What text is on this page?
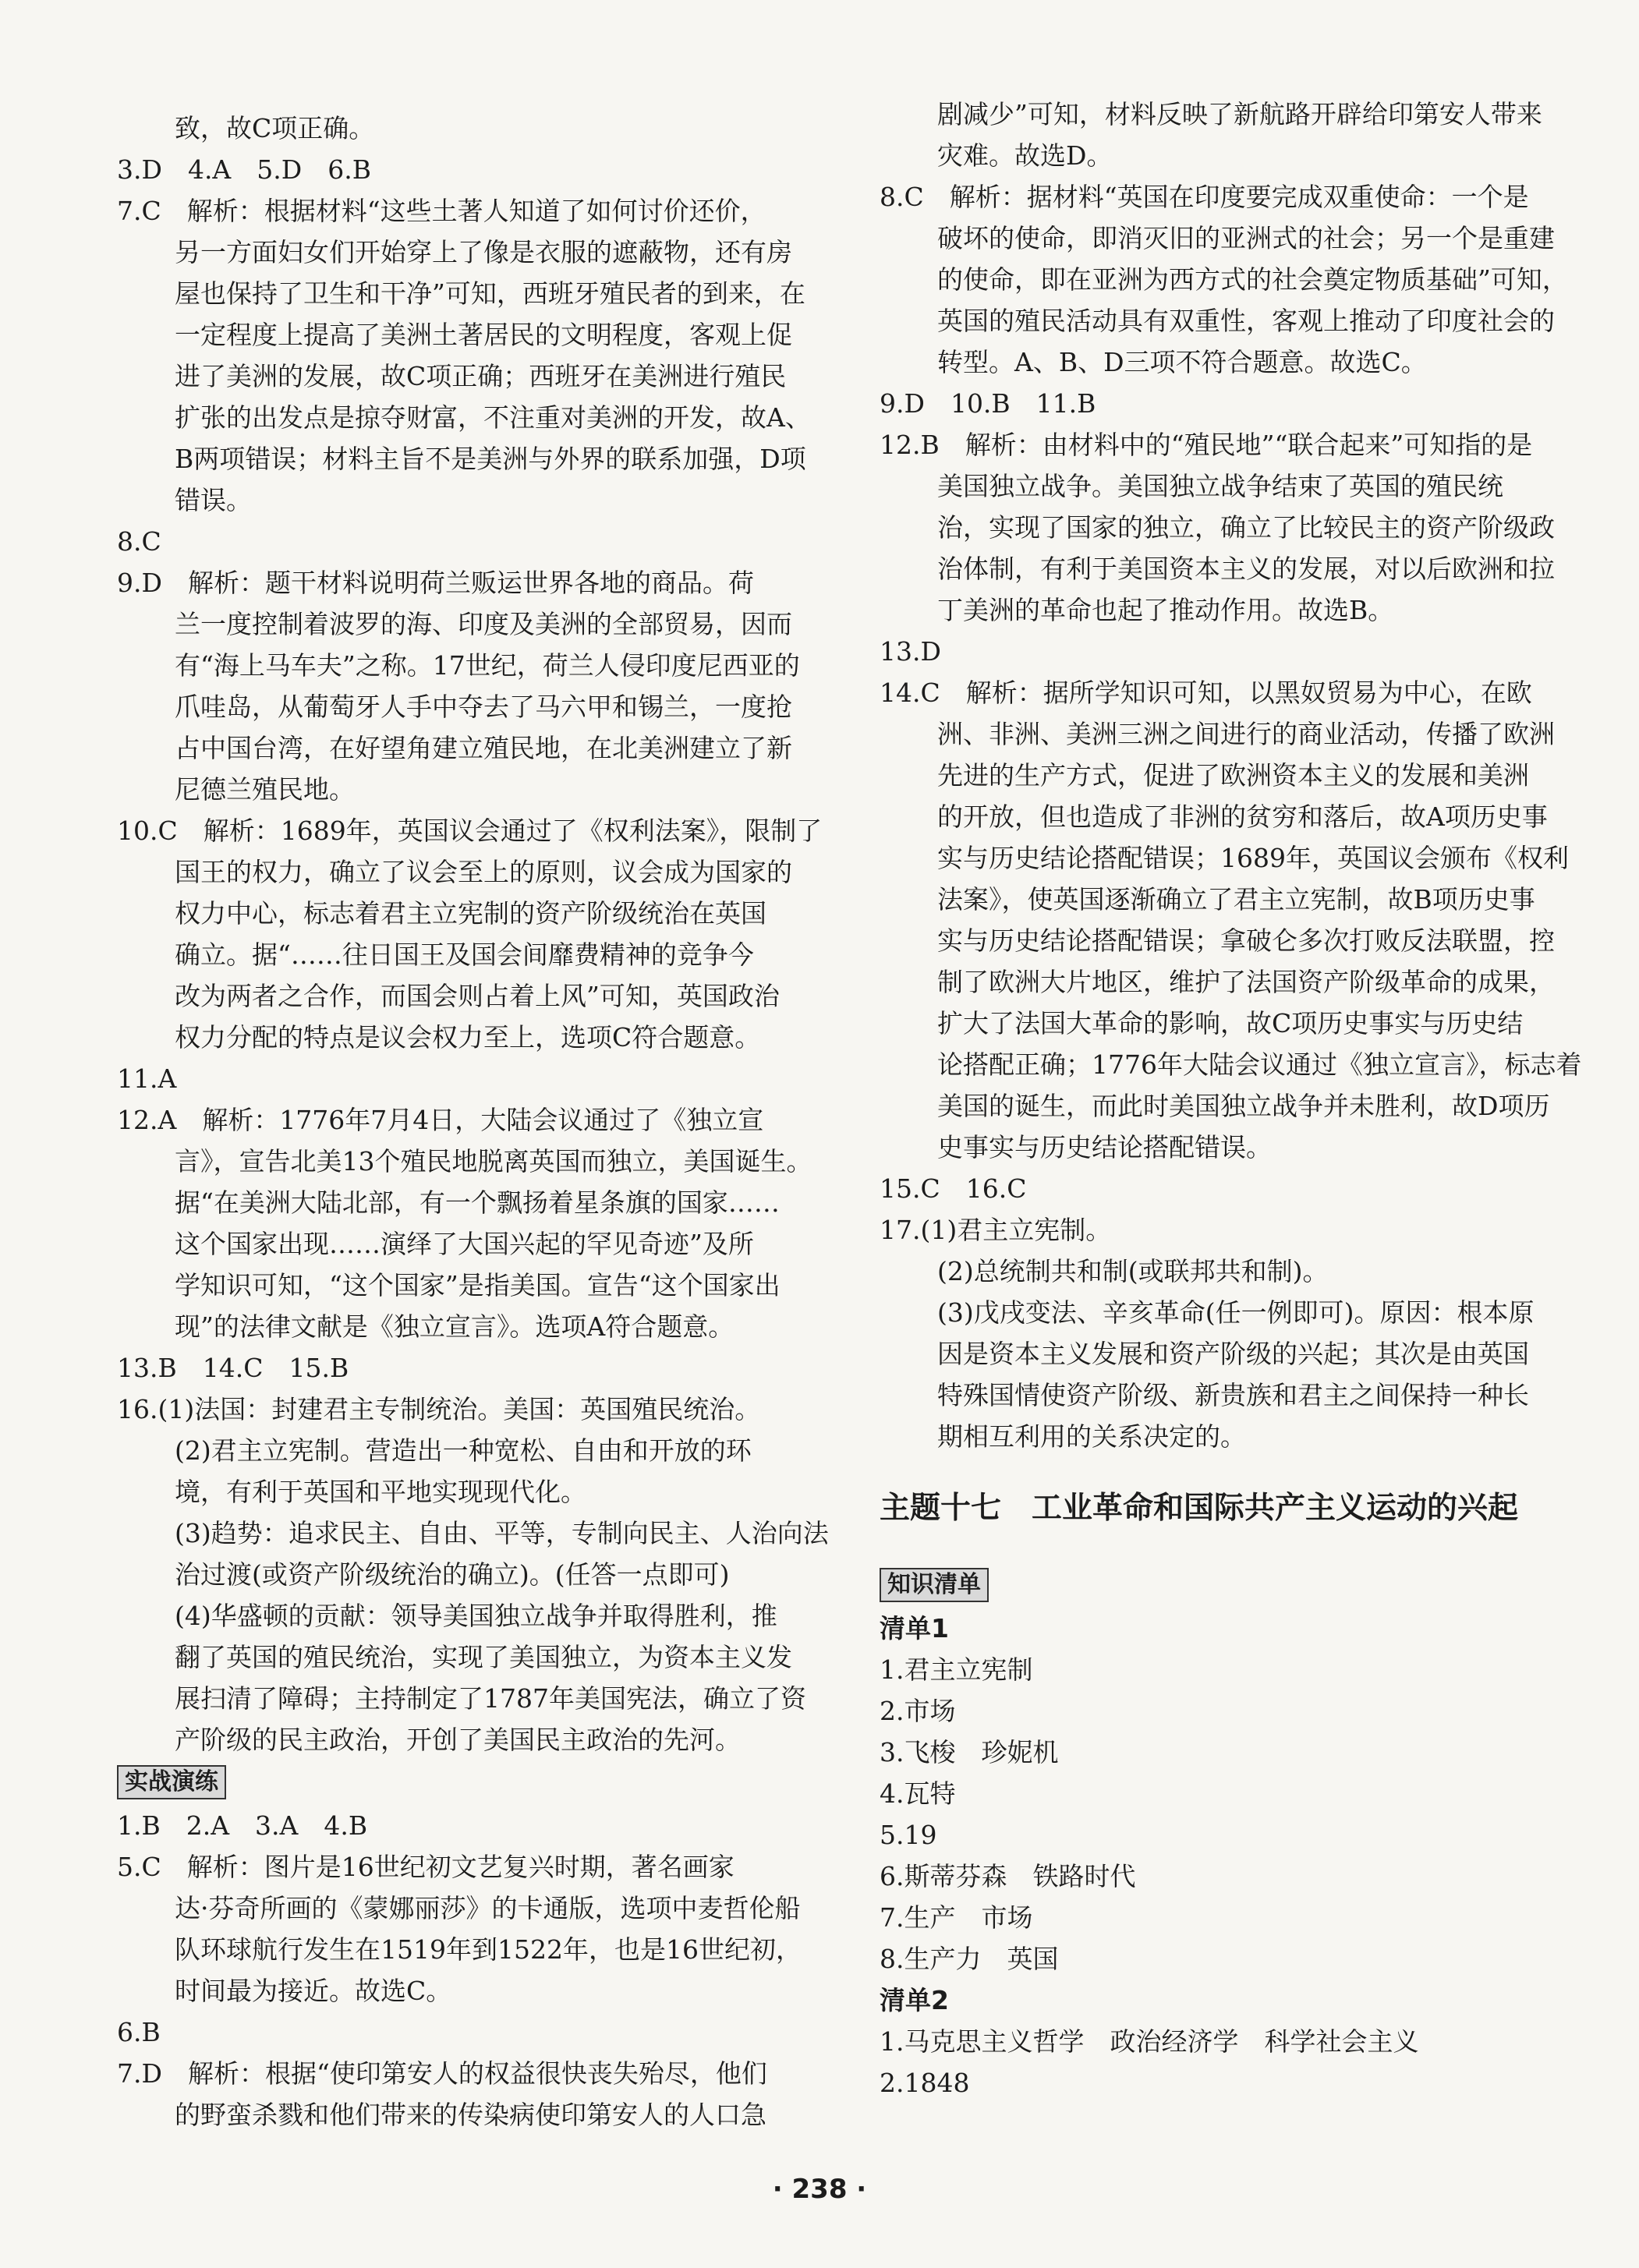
致，故C项正确。
3.D　4.A　5.D　6.B
7.C　解析：根据材料“这些土著人知道了如何讨价还价，
另一方面妇女们开始穿上了像是衣服的遮蔽物，还有房
屋也保持了卫生和干净”可知，西班牙殖民者的到来，在
一定程度上提高了美洲土著居民的文明程度，客观上促
进了美洲的发展，故C项正确；西班牙在美洲进行殖民
扩张的出发点是掠夺财富，不注重对美洲的开发，故A、
B两项错误；材料主旨不是美洲与外界的联系加强，D项
错误。
8.C
9.D　解析：题干材料说明荷兰贩运世界各地的商品。荷
兰一度控制着波罗的海、印度及美洲的全部贸易，因而
有“海上马车夫”之称。17世纪，荷兰人侵印度尼西亚的
爪哇岛，从葡萄牙人手中夺去了马六甲和锡兰，一度抢
占中国台湾，在好望角建立殖民地，在北美洲建立了新
尼德兰殖民地。
10.C　解析：1689年，英国议会通过了《权利法案》，限制了
国王的权力，确立了议会至上的原则，议会成为国家的
权力中心，标志着君主立宪制的资产阶级统治在英国
确立。据“……往日国王及国会间靡费精神的竞争今
改为两者之合作，而国会则占着上风”可知，英国政治
权力分配的特点是议会权力至上，选项C符合题意。
11.A
12.A　解析：1776年7月4日，大陆会议通过了《独立宣
言》，宣告北美13个殖民地脱离英国而独立，美国诞生。
据“在美洲大陆北部，有一个飘扬着星条旗的国家……
这个国家出现……演绎了大国兴起的罕见奇迹”及所
学知识可知，“这个国家”是指美国。宣告“这个国家出
现”的法律文献是《独立宣言》。选项A符合题意。
13.B　14.C　15.B
16.(1)法国：封建君主专制统治。美国：英国殖民统治。
(2)君主立宪制。营造出一种宽松、自由和开放的环
境，有利于英国和平地实现现代化。
(3)趋势：追求民主、自由、平等，专制向民主、人治向法
治过渡(或资产阶级统治的确立)。(任答一点即可)
(4)华盛顿的贡献：领导美国独立战争并取得胜利，推
翻了英国的殖民统治，实现了美国独立，为资本主义发
展扫清了障碍；主持制定了1787年美国宪法，确立了资
产阶级的民主政治，开创了美国民主政治的先河。
实战演练
1.B　2.A　3.A　4.B
5.C　解析：图片是16世纪初文艺复兴时期，著名画家
达·芬奇所画的《蒙娜丽莎》的卡通版，选项中麦哲伦船
队环球航行发生在1519年到1522年，也是16世纪初，
时间最为接近。故选C。
6.B
7.D　解析：根据“使印第安人的权益很快丧失殆尽，他们
的野蛮杀戮和他们带来的传染病使印第安人的人口急
剧减少”可知，材料反映了新航路开辟给印第安人带来
灾难。故选D。
8.C　解析：据材料“英国在印度要完成双重使命：一个是
破坏的使命，即消灭旧的亚洲式的社会；另一个是重建
的使命，即在亚洲为西方式的社会奠定物质基础”可知，
英国的殖民活动具有双重性，客观上推动了印度社会的
转型。A、B、D三项不符合题意。故选C。
9.D　10.B　11.B
12.B　解析：由材料中的“殖民地”“联合起来”可知指的是
美国独立战争。美国独立战争结束了英国的殖民统
治，实现了国家的独立，确立了比较民主的资产阶级政
治体制，有利于美国资本主义的发展，对以后欧洲和拉
丁美洲的革命也起了推动作用。故选B。
13.D
14.C　解析：据所学知识可知，以黑奴贸易为中心，在欧
洲、非洲、美洲三洲之间进行的商业活动，传播了欧洲
先进的生产方式，促进了欧洲资本主义的发展和美洲
的开放，但也造成了非洲的贫穷和落后，故A项历史事
实与历史结论搭配错误；1689年，英国议会颁布《权利
法案》，使英国逐渐确立了君主立宪制，故B项历史事
实与历史结论搭配错误；拿破仑多次打败反法联盟，控
制了欧洲大片地区，维护了法国资产阶级革命的成果，
扩大了法国大革命的影响，故C项历史事实与历史结
论搭配正确；1776年大陆会议通过《独立宣言》，标志着
美国的诞生，而此时美国独立战争并未胜利，故D项历
史事实与历史结论搭配错误。
15.C　16.C
17.(1)君主立宪制。
(2)总统制共和制(或联邦共和制)。
(3)戊戌变法、辛亥革命(任一例即可)。原因：根本原
因是资本主义发展和资产阶级的兴起；其次是由英国
特殊国情使资产阶级、新贵族和君主之间保持一种长
期相互利用的关系决定的。
主题十七　工业革命和国际共产主义运动的兴起
知识清单
清单1
1.君主立宪制
2.市场
3.飞梭　珍妮机
4.瓦特
5.19
6.斯蒂芬森　铁路时代
7.生产　市场
8.生产力　英国
清单2
1.马克思主义哲学　政治经济学　科学社会主义
2.1848
· 238 ·
